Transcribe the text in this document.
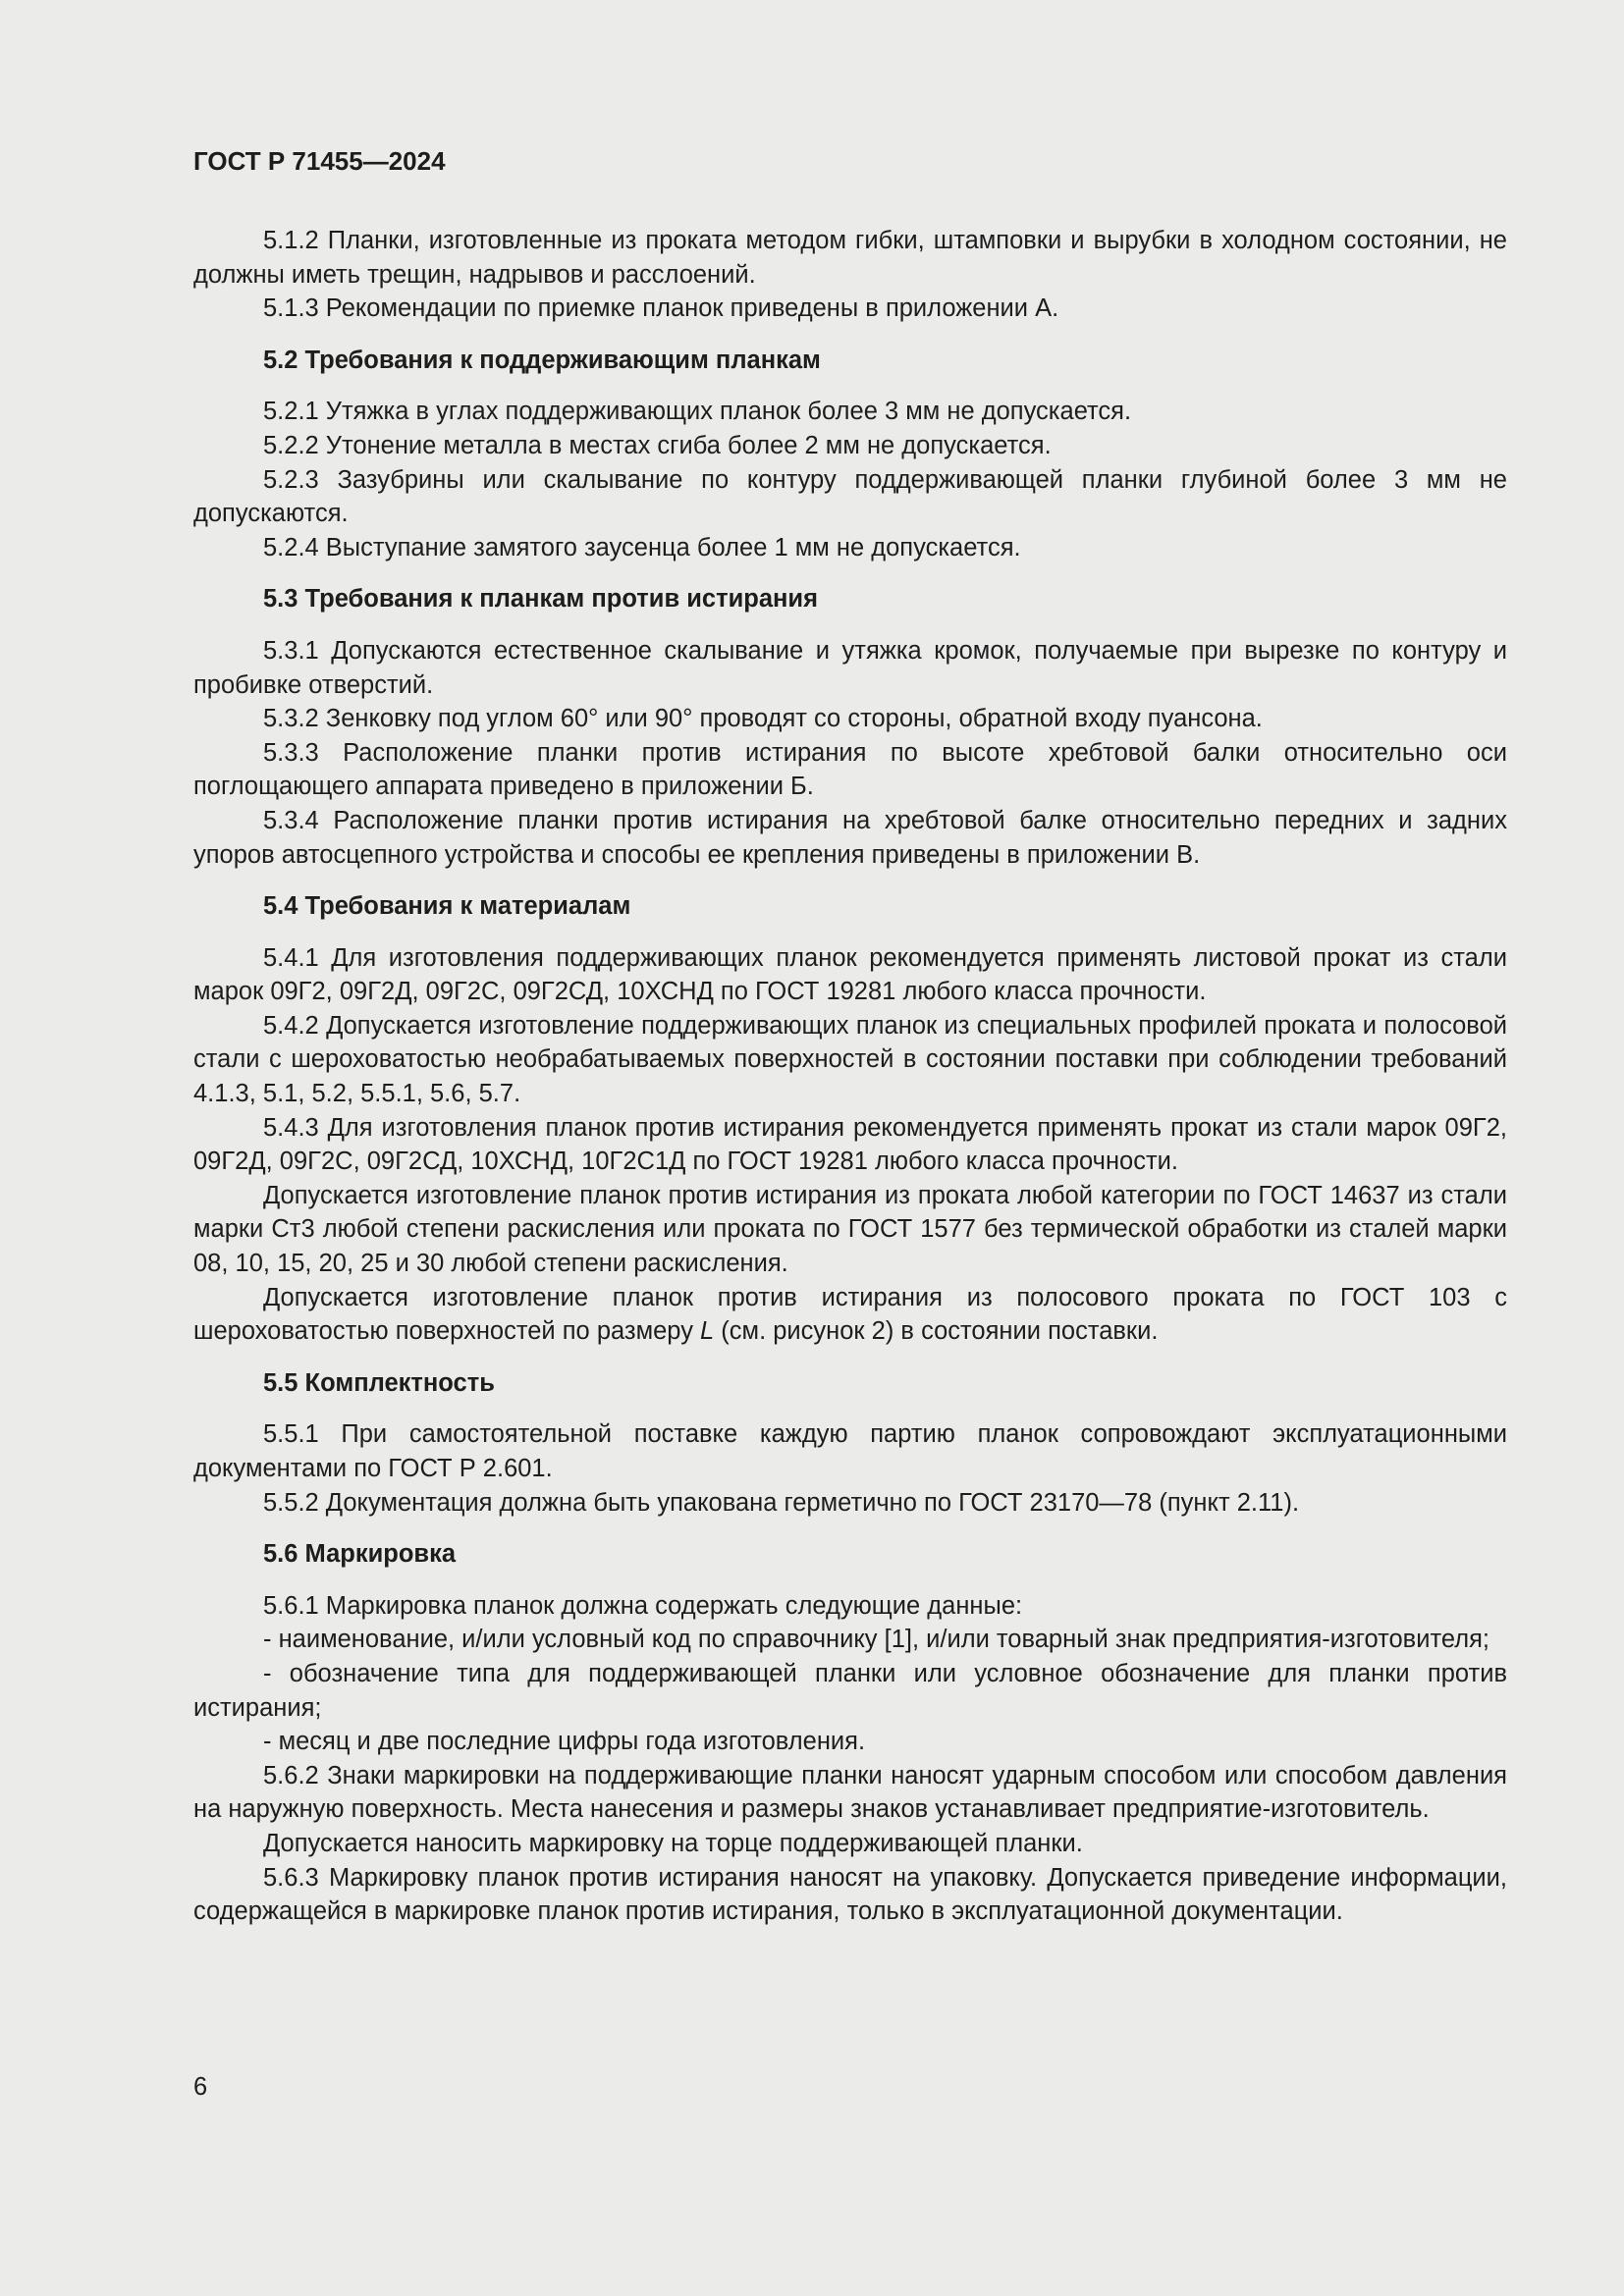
ГОСТ Р 71455—2024

5.1.2 Планки, изготовленные из проката методом гибки, штамповки и вырубки в холодном состоянии, не должны иметь трещин, надрывов и расслоений.

5.1.3 Рекомендации по приемке планок приведены в приложении А.

5.2 Требования к поддерживающим планкам

5.2.1 Утяжка в углах поддерживающих планок более 3 мм не допускается.

5.2.2 Утонение металла в местах сгиба более 2 мм не допускается.

5.2.3 Зазубрины или скалывание по контуру поддерживающей планки глубиной более 3 мм не допускаются.

5.2.4 Выступание замятого заусенца более 1 мм не допускается.

5.3 Требования к планкам против истирания

5.3.1 Допускаются естественное скалывание и утяжка кромок, получаемые при вырезке по контуру и пробивке отверстий.

5.3.2 Зенковку под углом 60° или 90° проводят со стороны, обратной входу пуансона.

5.3.3 Расположение планки против истирания по высоте хребтовой балки относительно оси поглощающего аппарата приведено в приложении Б.

5.3.4 Расположение планки против истирания на хребтовой балке относительно передних и задних упоров автосцепного устройства и способы ее крепления приведены в приложении В.

5.4 Требования к материалам

5.4.1 Для изготовления поддерживающих планок рекомендуется применять листовой прокат из стали марок 09Г2, 09Г2Д, 09Г2С, 09Г2СД, 10ХСНД по ГОСТ 19281 любого класса прочности.

5.4.2 Допускается изготовление поддерживающих планок из специальных профилей проката и полосовой стали с шероховатостью необрабатываемых поверхностей в состоянии поставки при соблюдении требований 4.1.3, 5.1, 5.2, 5.5.1, 5.6, 5.7.

5.4.3 Для изготовления планок против истирания рекомендуется применять прокат из стали марок 09Г2, 09Г2Д, 09Г2С, 09Г2СД, 10ХСНД, 10Г2С1Д по ГОСТ 19281 любого класса прочности.

Допускается изготовление планок против истирания из проката любой категории по ГОСТ 14637 из стали марки Ст3 любой степени раскисления или проката по ГОСТ 1577 без термической обработки из сталей марки 08, 10, 15, 20, 25 и 30 любой степени раскисления.

Допускается изготовление планок против истирания из полосового проката по ГОСТ 103 с шероховатостью поверхностей по размеру L (см. рисунок 2) в состоянии поставки.

5.5 Комплектность

5.5.1 При самостоятельной поставке каждую партию планок сопровождают эксплуатационными документами по ГОСТ Р 2.601.

5.5.2 Документация должна быть упакована герметично по ГОСТ 23170—78 (пункт 2.11).

5.6 Маркировка

5.6.1 Маркировка планок должна содержать следующие данные:

- наименование, и/или условный код по справочнику [1], и/или товарный знак предприятия-изготовителя;

- обозначение типа для поддерживающей планки или условное обозначение для планки против истирания;

- месяц и две последние цифры года изготовления.

5.6.2 Знаки маркировки на поддерживающие планки наносят ударным способом или способом давления на наружную поверхность. Места нанесения и размеры знаков устанавливает предприятие-изготовитель.

Допускается наносить маркировку на торце поддерживающей планки.

5.6.3 Маркировку планок против истирания наносят на упаковку. Допускается приведение информации, содержащейся в маркировке планок против истирания, только в эксплуатационной документации.

6
